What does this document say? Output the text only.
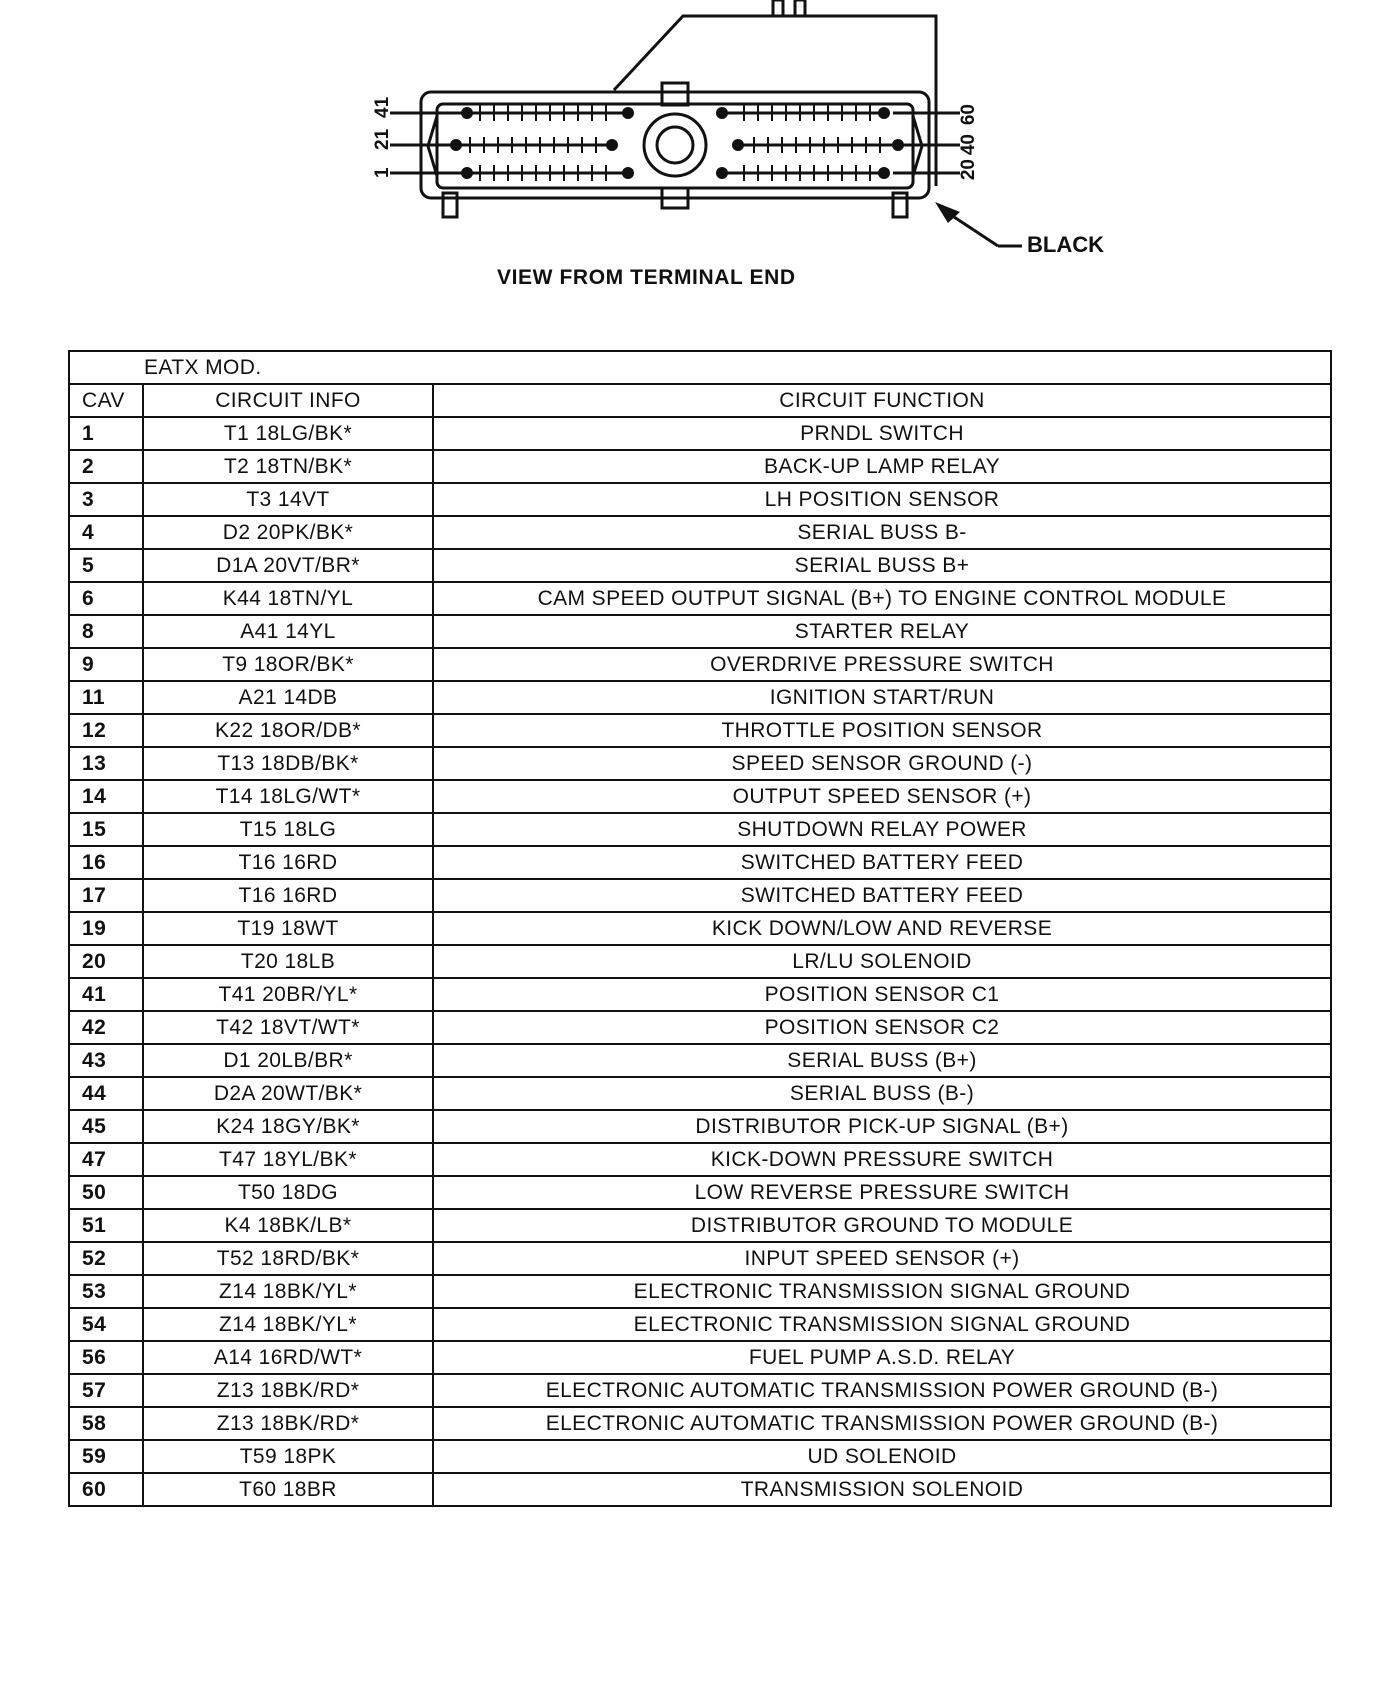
41
21
1
60
40
20
BLACK
VIEW FROM TERMINAL END
EATX MOD.		
CAV	CIRCUIT INFO	CIRCUIT FUNCTION
1	T1 18LG/BK*	PRNDL SWITCH
2	T2 18TN/BK*	BACK-UP LAMP RELAY
3	T3 14VT	LH POSITION SENSOR
4	D2 20PK/BK*	SERIAL BUSS B-
5	D1A 20VT/BR*	SERIAL BUSS B+
6	K44 18TN/YL	CAM SPEED OUTPUT SIGNAL (B+) TO ENGINE CONTROL MODULE
8	A41 14YL	STARTER RELAY
9	T9 18OR/BK*	OVERDRIVE PRESSURE SWITCH
11	A21 14DB	IGNITION START/RUN
12	K22 18OR/DB*	THROTTLE POSITION SENSOR
13	T13 18DB/BK*	SPEED SENSOR GROUND (-)
14	T14 18LG/WT*	OUTPUT SPEED SENSOR (+)
15	T15 18LG	SHUTDOWN RELAY POWER
16	T16 16RD	SWITCHED BATTERY FEED
17	T16 16RD	SWITCHED BATTERY FEED
19	T19 18WT	KICK DOWN/LOW AND REVERSE
20	T20 18LB	LR/LU SOLENOID
41	T41 20BR/YL*	POSITION SENSOR C1
42	T42 18VT/WT*	POSITION SENSOR C2
43	D1 20LB/BR*	SERIAL BUSS (B+)
44	D2A 20WT/BK*	SERIAL BUSS (B-)
45	K24 18GY/BK*	DISTRIBUTOR PICK-UP SIGNAL (B+)
47	T47 18YL/BK*	KICK-DOWN PRESSURE SWITCH
50	T50 18DG	LOW REVERSE PRESSURE SWITCH
51	K4 18BK/LB*	DISTRIBUTOR GROUND TO MODULE
52	T52 18RD/BK*	INPUT SPEED SENSOR (+)
53	Z14 18BK/YL*	ELECTRONIC TRANSMISSION SIGNAL GROUND
54	Z14 18BK/YL*	ELECTRONIC TRANSMISSION SIGNAL GROUND
56	A14 16RD/WT*	FUEL PUMP A.S.D. RELAY
57	Z13 18BK/RD*	ELECTRONIC AUTOMATIC TRANSMISSION POWER GROUND (B-)
58	Z13 18BK/RD*	ELECTRONIC AUTOMATIC TRANSMISSION POWER GROUND (B-)
59	T59 18PK	UD SOLENOID
60	T60 18BR	TRANSMISSION SOLENOID
